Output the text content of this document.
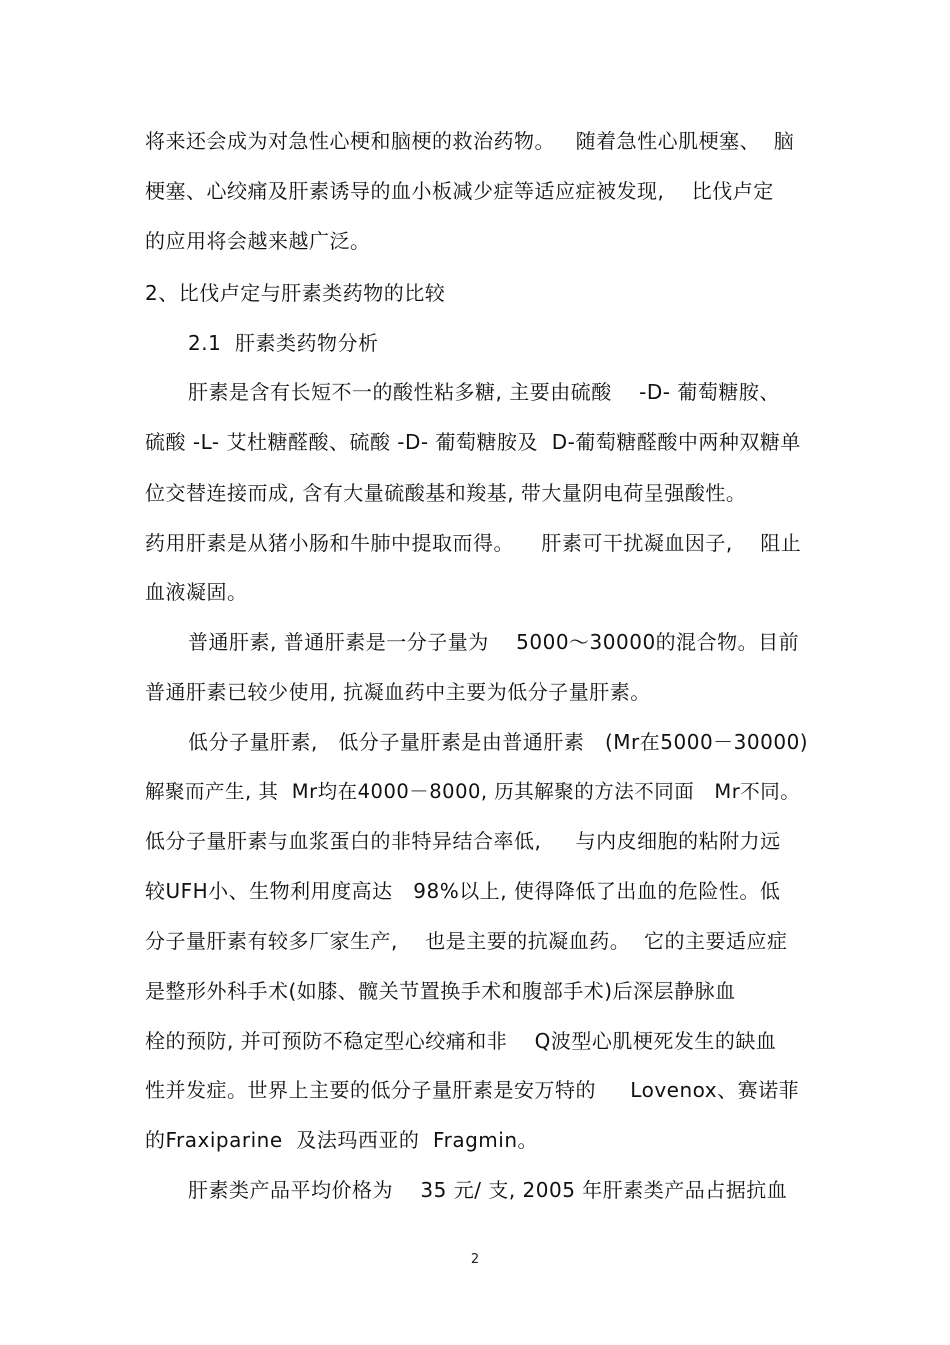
将来还会成为对急性心梗和脑梗的救治药物。   随着急性心肌梗塞、  脑
梗塞、心绞痛及肝素诱导的血小板减少症等适应症被发现,    比伐卢定
的应用将会越来越广泛。
2、比伐卢定与肝素类药物的比较
2.1  肝素类药物分析
肝素是含有长短不一的酸性粘多糖, 主要由硫酸    -D- 葡萄糖胺、
硫酸 -L- 艾杜糖醛酸、硫酸 -D- 葡萄糖胺及  D-葡萄糖醛酸中两种双糖单
位交替连接而成, 含有大量硫酸基和羧基, 带大量阴电荷呈强酸性。
药用肝素是从猪小肠和牛肺中提取而得。    肝素可干扰凝血因子,    阻止
血液凝固。
普通肝素, 普通肝素是一分子量为    5000～30000的混合物。目前
普通肝素已较少使用, 抗凝血药中主要为低分子量肝素。
低分子量肝素,   低分子量肝素是由普通肝素   (Mr在5000－30000)
解聚而产生, 其  Mr均在4000－8000, 历其解聚的方法不同面   Mr不同。
低分子量肝素与血浆蛋白的非特异结合率低,     与内皮细胞的粘附力远
较UFH小、生物利用度高达   98%以上, 使得降低了出血的危险性。低
分子量肝素有较多厂家生产,    也是主要的抗凝血药。  它的主要适应症
是整形外科手术(如膝、髋关节置换手术和腹部手术)后深层静脉血
栓的预防, 并可预防不稳定型心绞痛和非    Q波型心肌梗死发生的缺血
性并发症。世界上主要的低分子量肝素是安万特的     Lovenox、赛诺菲
的Fraxiparine  及法玛西亚的  Fragmin。
肝素类产品平均价格为    35 元/ 支, 2005 年肝素类产品占据抗血
2
